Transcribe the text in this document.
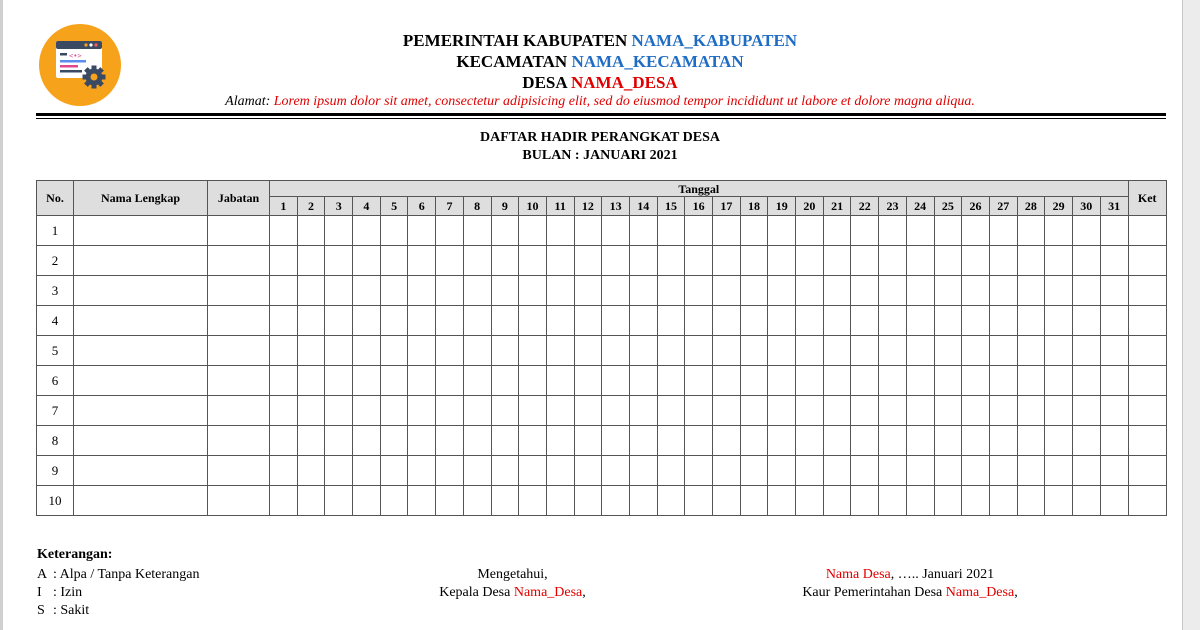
<•>
PEMERINTAH KABUPATEN NAMA_KABUPATEN
KECAMATAN NAMA_KECAMATAN
DESA NAMA_DESA
Alamat: Lorem ipsum dolor sit amet, consectetur adipisicing elit, sed do eiusmod tempor incididunt ut labore et dolore magna aliqua.
DAFTAR HADIR PERANGKAT DESA
BULAN : JANUARI 2021
No.	Nama Lengkap	Jabatan	Tanggal																															Ket
			1	2	3	4	5	6	7	8	9	10	11	12	13	14	15	16	17	18	19	20	21	22	23	24	25	26	27	28	29	30	31	
1																																		
2																																		
3																																		
4																																		
5																																		
6																																		
7																																		
8																																		
9																																		
10																																		
Keterangan:
A : Alpa / Tanpa Keterangan
I : Izin
S : Sakit
Mengetahui,
Kepala Desa Nama_Desa,
Nama Desa, ….. Januari 2021
Kaur Pemerintahan Desa Nama_Desa,
